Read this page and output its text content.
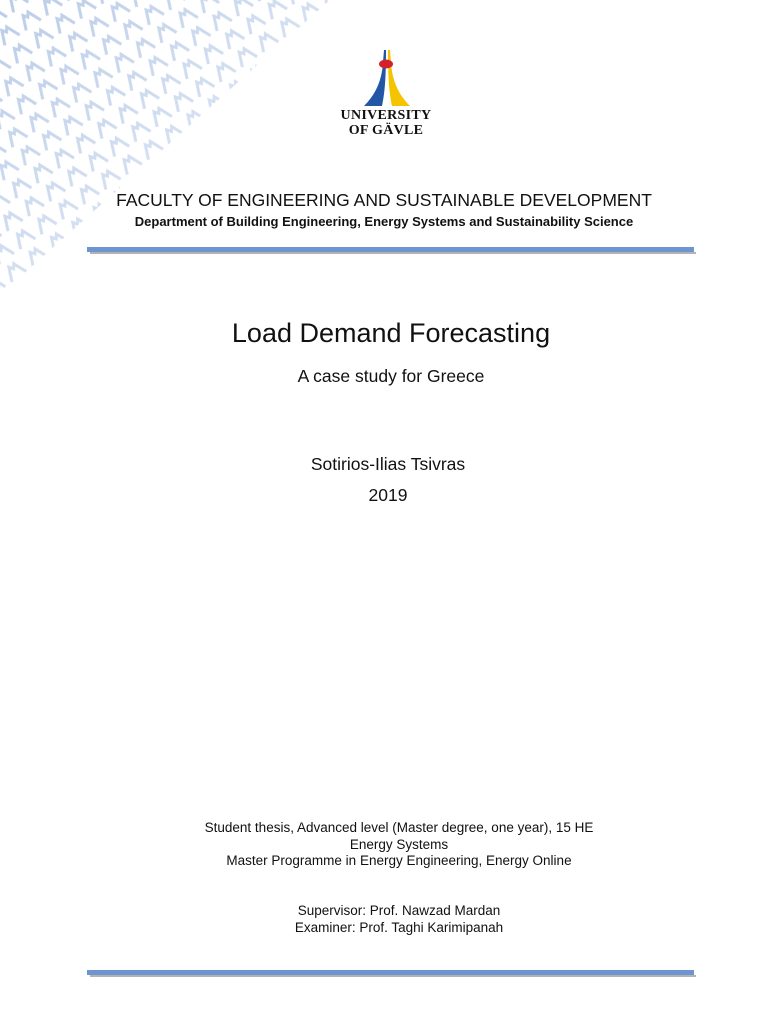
UNIVERSITY
OF GÄVLE
FACULTY OF ENGINEERING AND SUSTAINABLE DEVELOPMENT
Department of Building Engineering, Energy Systems and Sustainability Science
Load Demand Forecasting
A case study for Greece
Sotirios-Ilias Tsivras
2019
Student thesis, Advanced level (Master degree, one year), 15 HE
Energy Systems
Master Programme in Energy Engineering, Energy Online
Supervisor: Prof. Nawzad Mardan
Examiner: Prof. Taghi Karimipanah
